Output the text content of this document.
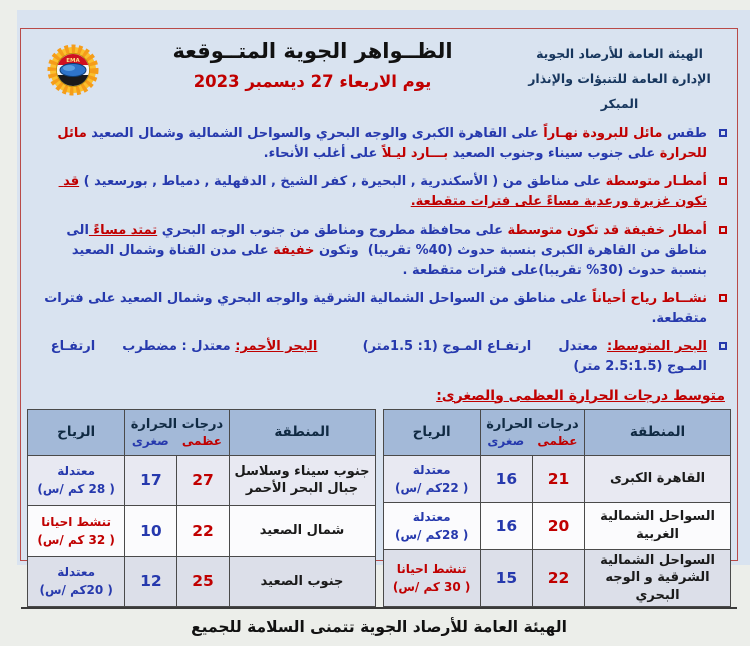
الهيئة العامة للأرصاد الجوية
الإدارة العامة للتنبؤات والإنذار المبكر
الظــواهر الجوية المتــوقعة
يوم الاربعاء 27 ديسمبر 2023
EMA
طقس مائل للبرودة نهـاراً على القاهرة الكبرى والوجه البحري والسواحل الشمالية وشمال الصعيد مائل للحرارة على جنوب سيناء وجنوب الصعيد بـــارد ليـلاً على أغلب الأنحاء.
أمطـار متوسطة على مناطق من ( الأسكندرية , البحيرة , كفر الشيخ , الدقهلية , دمياط , بورسعيد ) قد تكون غزيرة ورعدية مساءً على فترات متقطعة.
أمطار خفيفة قد تكون متوسطة على محافظة مطروح ومناطق من جنوب الوجه البحري تمتد مساءً الى مناطق من القاهرة الكبرى بنسبة حدوث (40% تقريبا)  وتكون خفيفة على مدن القناة وشمال الصعيد بنسبة حدوث (30% تقريبا)على فترات متقطعة .
نشــاط رياح أحياناً على مناطق من السواحل الشمالية الشرقية والوجه البحري وشمال الصعيد على فترات متقطعة.
البحر المتوسط:  معتدل      ارتفـاع المـوج (1: 1.5متر)          البحر الأحمر: معتدل : مضطرب      ارتفـاع المـوج (2.5:1.5 متر)
متوسط درجات الحرارة العظمى والصغرى:
المنطقة	درجات الحرارة
عظمى
صغرى		الرياح
القاهرة الكبرى	21	16	معتدلة
( 22كم /س)

السواحل الشمالية الغربية	20	16	معتدلة
( 28كم /س)

السواحل الشمالية الشرقية و الوجه البحري	22	15	تنشط احيانا
( 30 كم /س)
المنطقة	درجات الحرارة
عظمى
صغرى		الرياح
جنوب سيناء وسلاسل جبال البحر الأحمر	27	17	معتدلة
( 28 كم /س)

شمال الصعيد	22	10	تنشط احيانا
( 32 كم /س)

جنوب الصعيد	25	12	معتدلة
( 20كم /س)
الهيئة العامة للأرصاد الجوية تتمنى السلامة للجميع
